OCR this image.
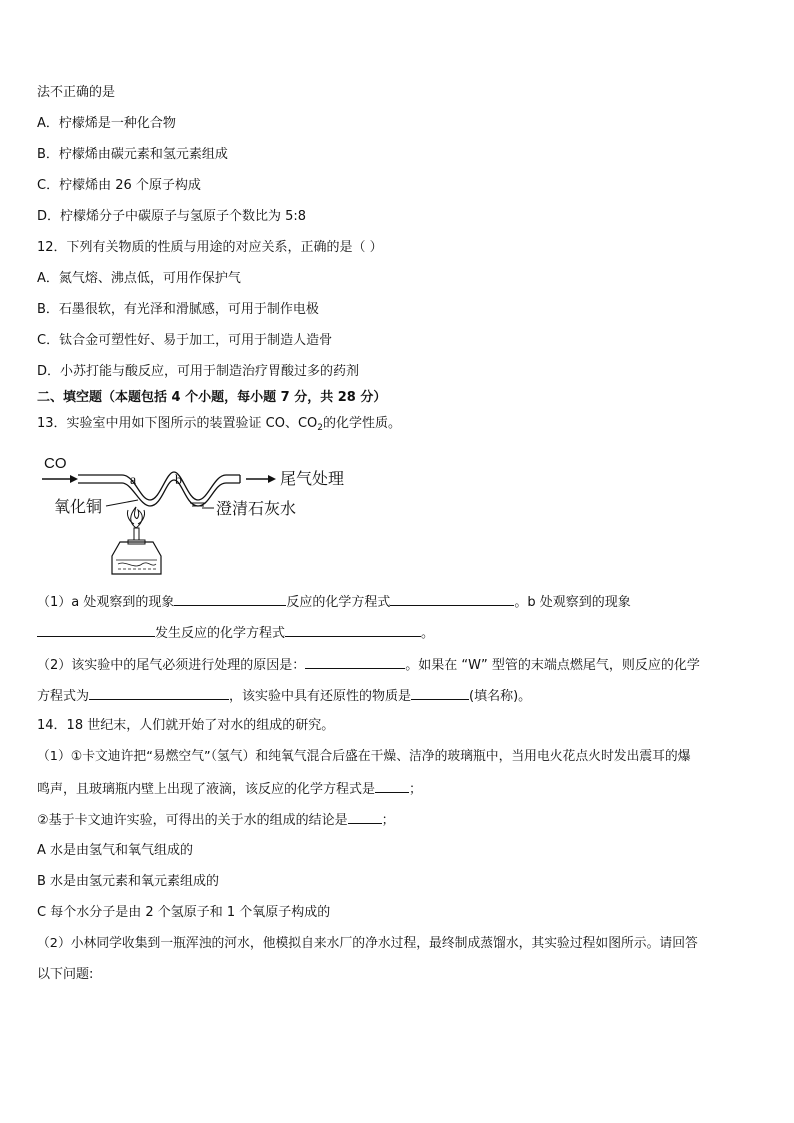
法不正确的是
A．柠檬烯是一种化合物
B．柠檬烯由碳元素和氢元素组成
C．柠檬烯由 26 个原子构成
D．柠檬烯分子中碳原子与氢原子个数比为 5:8
12．下列有关物质的性质与用途的对应关系，正确的是（ ）
A．氮气熔、沸点低，可用作保护气
B．石墨很软，有光泽和滑腻感，可用于制作电极
C．钛合金可塑性好、易于加工，可用于制造人造骨
D．小苏打能与酸反应，可用于制造治疗胃酸过多的药剂
二、填空题（本题包括 4 个小题，每小题 7 分，共 28 分）
13．实验室中用如下图所示的装置验证 CO、$CO_2$的化学性质。
CO
尾气处理
a	b
氧化铜	澄清石灰水
（1）a 处观察到的现象	反应的化学方程式	。b 处观察到的现象
发生反应的化学方程式	。
（2）该实验中的尾气必须进行处理的原因是：	。如果在 “W” 型管的末端点燃尾气，则反应的化学
方程式为	，该实验中具有还原性的物质是	(填名称)。
14．18 世纪末，人们就开始了对水的组成的研究。
（1）①卡文迪许把“易燃空气”（氢气）和纯氧气混合后盛在干燥、洁净的玻璃瓶中，当用电火花点火时发出震耳的爆
鸣声，且玻璃瓶内壁上出现了液滴，该反应的化学方程式是	；
②基于卡文迪许实验，可得出的关于水的组成的结论是	；
A 水是由氢气和氧气组成的
B 水是由氢元素和氧元素组成的
C 每个水分子是由 2 个氢原子和 1 个氧原子构成的
（2）小林同学收集到一瓶浑浊的河水，他模拟自来水厂的净水过程，最终制成蒸馏水，其实验过程如图所示。请回答
以下问题:
